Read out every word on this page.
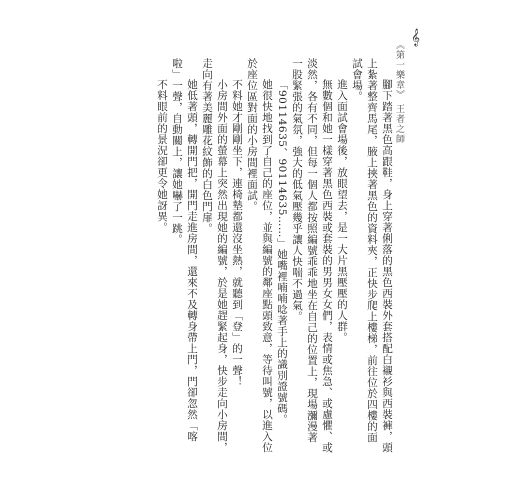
𝄞
《第一樂章》 王者之師

腳下踏著黑色高跟鞋，身上穿著俐落的黑色西裝外套搭配白襯衫與西裝褲，頭上紮著整齊馬尾，腋上挾著黑色的資料夾，正快步爬上樓梯，前往位於四樓的面試會場。

進入面試會場後，放眼望去，是一大片黑壓壓的人群。

無數個和她一樣穿著黑色西裝或套裝的男男女女們，表情或焦急、或慮懼、或淡然，各有不同，但每一個人都按照編號乖乖地坐在自己的位置上，現場瀰漫著一股緊張的氣氛，強大的低氣壓幾乎讓人快喘不過氣。

「90114635、90114635……」她嘴裡喃喃唸著手上的識別證號碼。

她很快地找到了自己的座位，並與編號的鄰座點頭致意，等待叫號，以進入位於座位區對面的小房間裡面試。

不料她才剛剛坐下，連椅墊都還沒坐熱，就聽到「登」的一聲！

小房間外面的螢幕上突然出現她的編號，於是她趕緊起身，快步走向小房間，走向有著美麗雕花紋飾的白色門扉。

她低著頭，轉開門把，開門走進房間，還來不及轉身帶上門，門卻忽然「喀啦」一聲，自動關上，讓她嚇了一跳。

不料眼前的景況卻更令她訝異。
